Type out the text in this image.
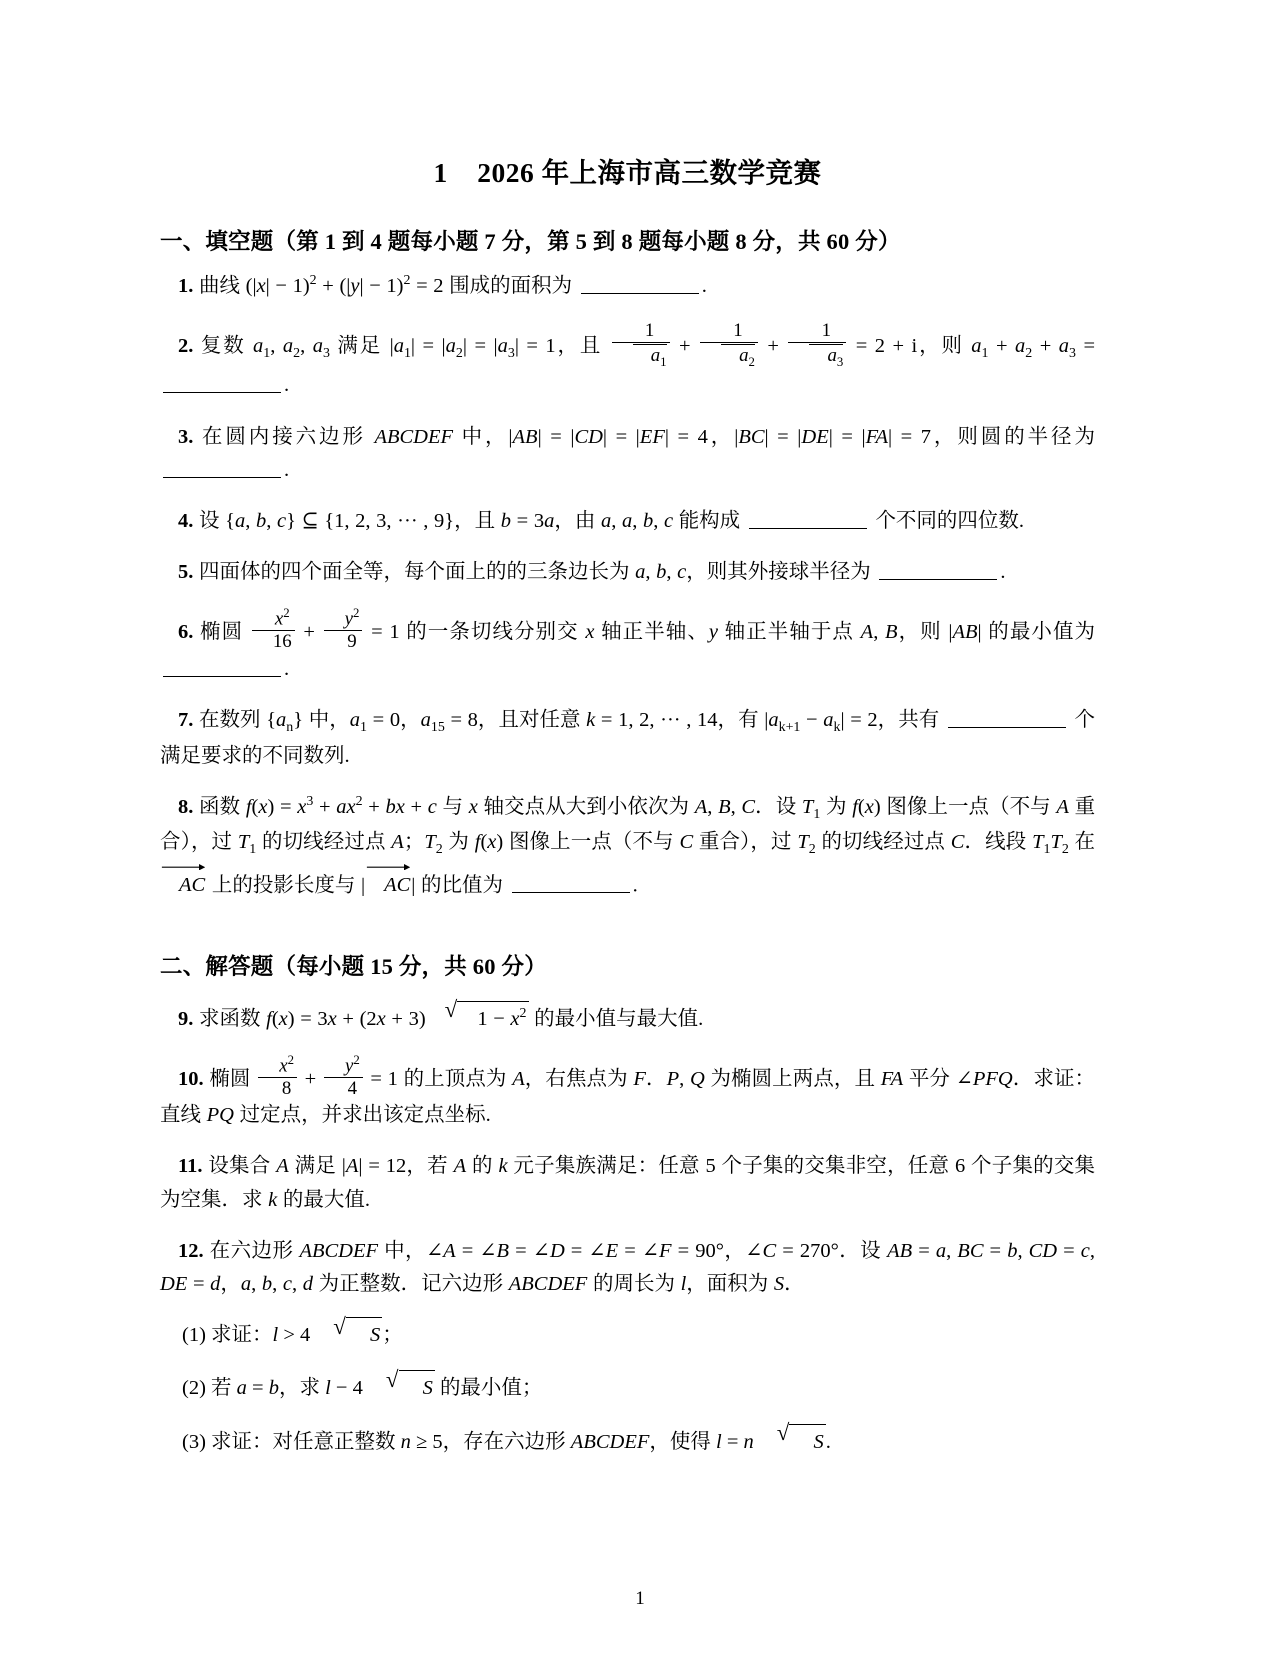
1    2026 年上海市高三数学竞赛
一、填空题（第 1 到 4 题每小题 7 分，第 5 到 8 题每小题 8 分，共 60 分）

1. 曲线 $(|x| - 1)^2 + (|y| - 1)^2 = 2$ 围成的面积为	.

2. 复数 $a_1$, $a_2$, $a_3$ 满足 $|a_1| = |a_2| = |a_3| = 1$，且 $\frac{1}{a_1} + \frac{1}{a_2} + \frac{1}{a_3} = 2 + i$，则 $a_1 + a_2 + a_3$ = .

3. 在圆内接六边形 ABCDEF 中，|AB| = |CD| = |EF| = 4，|BC| = |DE| = |FA| = 7，则圆的半径为 .

4. 设 {a, b, c} ⊆ {1, 2, 3, ··· , 9}，且 b = 3a，由 a, a, b, c 能构成	个不同的四位数.

5. 四面体的四个面全等，每个面上的的三条边长为 a, b, c，则其外接球半径为	.

6. 椭圆 $\frac{x^2}{16} + \frac{y^2}{9} = 1$ 的一条切线分别交 x 轴正半轴、y 轴正半轴于点 A, B，则 |AB| 的最小值为 .

7. 在数列 $\{a_n\}$ 中，$a_1 = 0$，$a_{15} = 8$，且对任意 k = 1, 2, ··· , 14，有 $|a_{k+1} - a_k| = 2$，共有	个满足要求的不同数列.

8. 函数 $f(x) = x^3 + ax^2$ + bx + c 与 x 轴交点从大到小依次为 A, B, C．设 $T_1$ 为 f(x) 图像上一点（不与 A 重合），过 $T_1$ 的切线经过点 A；$T_2$ 为 f(x) 图像上一点（不与 C 重合），过 $T_2$ 的切线经过点 C．线段 $T_1T_2$ 在
AC 上的投影长度与 | AC| 的比值为	.

二、解答题（每小题 15 分，共 60 分）

9. 求函数 f(x) = 3x + (2x + 3) √ $1 - x^2$ 的最小值与最大值.

10. 椭圆 $\frac{x^2}{8} + \frac{y^2}{4} = 1$ 的上顶点为 A，右焦点为 F．P, Q 为椭圆上两点，且 FA 平分 ∠PFQ．求证：直线 PQ 过定点，并求出该定点坐标.

11. 设集合 A 满足 |A| = 12，若 A 的 k 元子集族满足：任意 5 个子集的交集非空，任意 6 个子集的交集为空集．求 k 的最大值.

12. 在六边形 ABCDEF 中，∠A = ∠B = ∠D = ∠E = ∠F = 90°，∠C = 270°．设 AB = a, BC = b, CD = c, DE = d，a, b, c, d 为正整数．记六边形 ABCDEF 的周长为 l，面积为 S．

(1) 求证：l > 4	√ S；

(2) 若 a = b，求 l − 4	√ S 的最小值；

(3) 求证：对任意正整数 n ≥ 5，存在六边形 ABCDEF，使得 l = n	√ S.

1
